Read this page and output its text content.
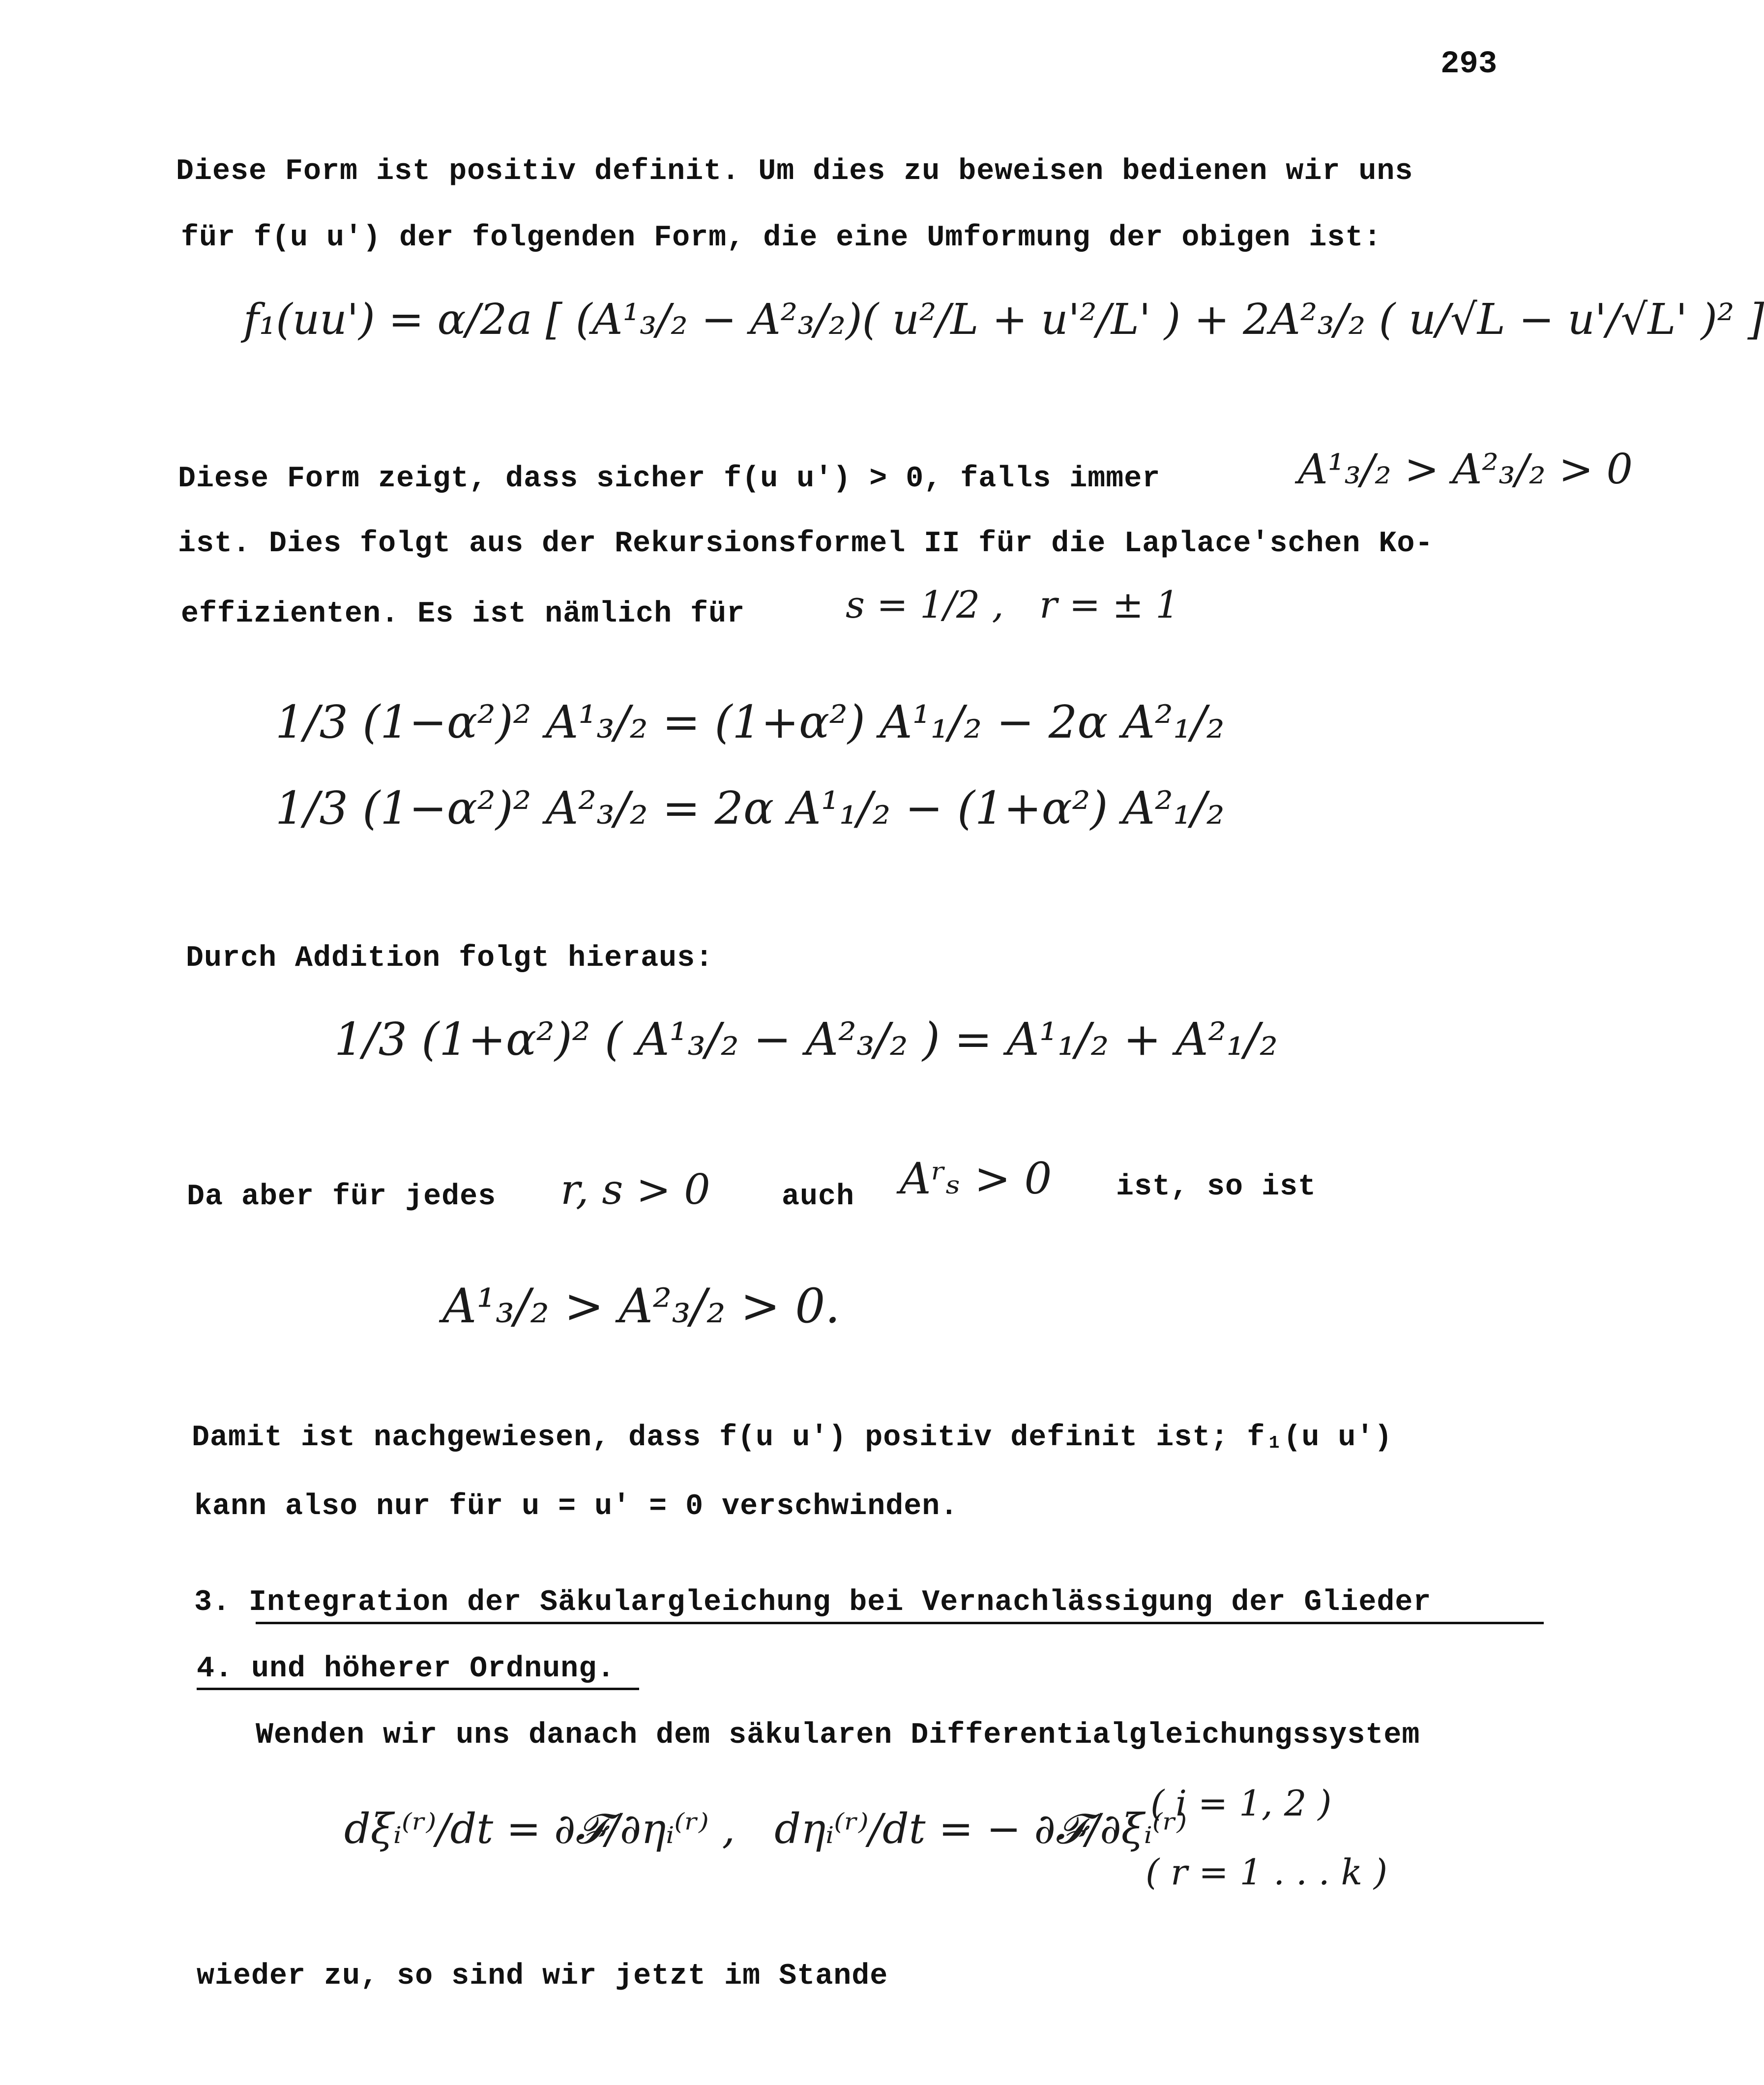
293
Diese Form ist positiv definit. Um dies zu beweisen bedienen wir uns
für f(u u') der folgenden Form, die eine Umformung der obigen ist:
f₁(uu') = α/2a [ (A¹₃/₂ − A²₃/₂)( u²/L + u'²/L' ) + 2A²₃/₂ ( u/√L − u'/√L' )² ]
Diese Form zeigt, dass sicher f(u u') > 0, falls immer	A¹₃/₂ > A²₃/₂ > 0
ist. Dies folgt aus der Rekursionsformel II für die Laplace'schen Ko-
effizienten. Es ist nämlich für	s = 1/2 ,   r = ± 1
1/3 (1−α²)² A¹₃/₂ = (1+α²) A¹₁/₂ − 2α A²₁/₂
1/3 (1−α²)² A²₃/₂ = 2α A¹₁/₂ − (1+α²) A²₁/₂
Durch Addition folgt hieraus:
1/3 (1+α²)² ( A¹₃/₂ − A²₃/₂ ) = A¹₁/₂ + A²₁/₂
Da aber für jedes r, s > 0 auch Aʳₛ > 0 ist, so ist
A¹₃/₂ > A²₃/₂ > 0.
Damit ist nachgewiesen, dass f(u u') positiv definit ist; f₁(u u')
kann also nur für u = u' = 0 verschwinden.
3. Integration der Säkulargleichung bei Vernachlässigung der Glieder
4. und höherer Ordnung.
Wenden wir uns danach dem säkularen Differentialgleichungssystem
dξᵢ⁽ʳ⁾/dt = ∂𝓕/∂ηᵢ⁽ʳ⁾ ,   dηᵢ⁽ʳ⁾/dt = − ∂𝓕/∂ξᵢ⁽ʳ⁾
( i = 1, 2 )
( r = 1 . . . k )
wieder zu, so sind wir jetzt im Stande
